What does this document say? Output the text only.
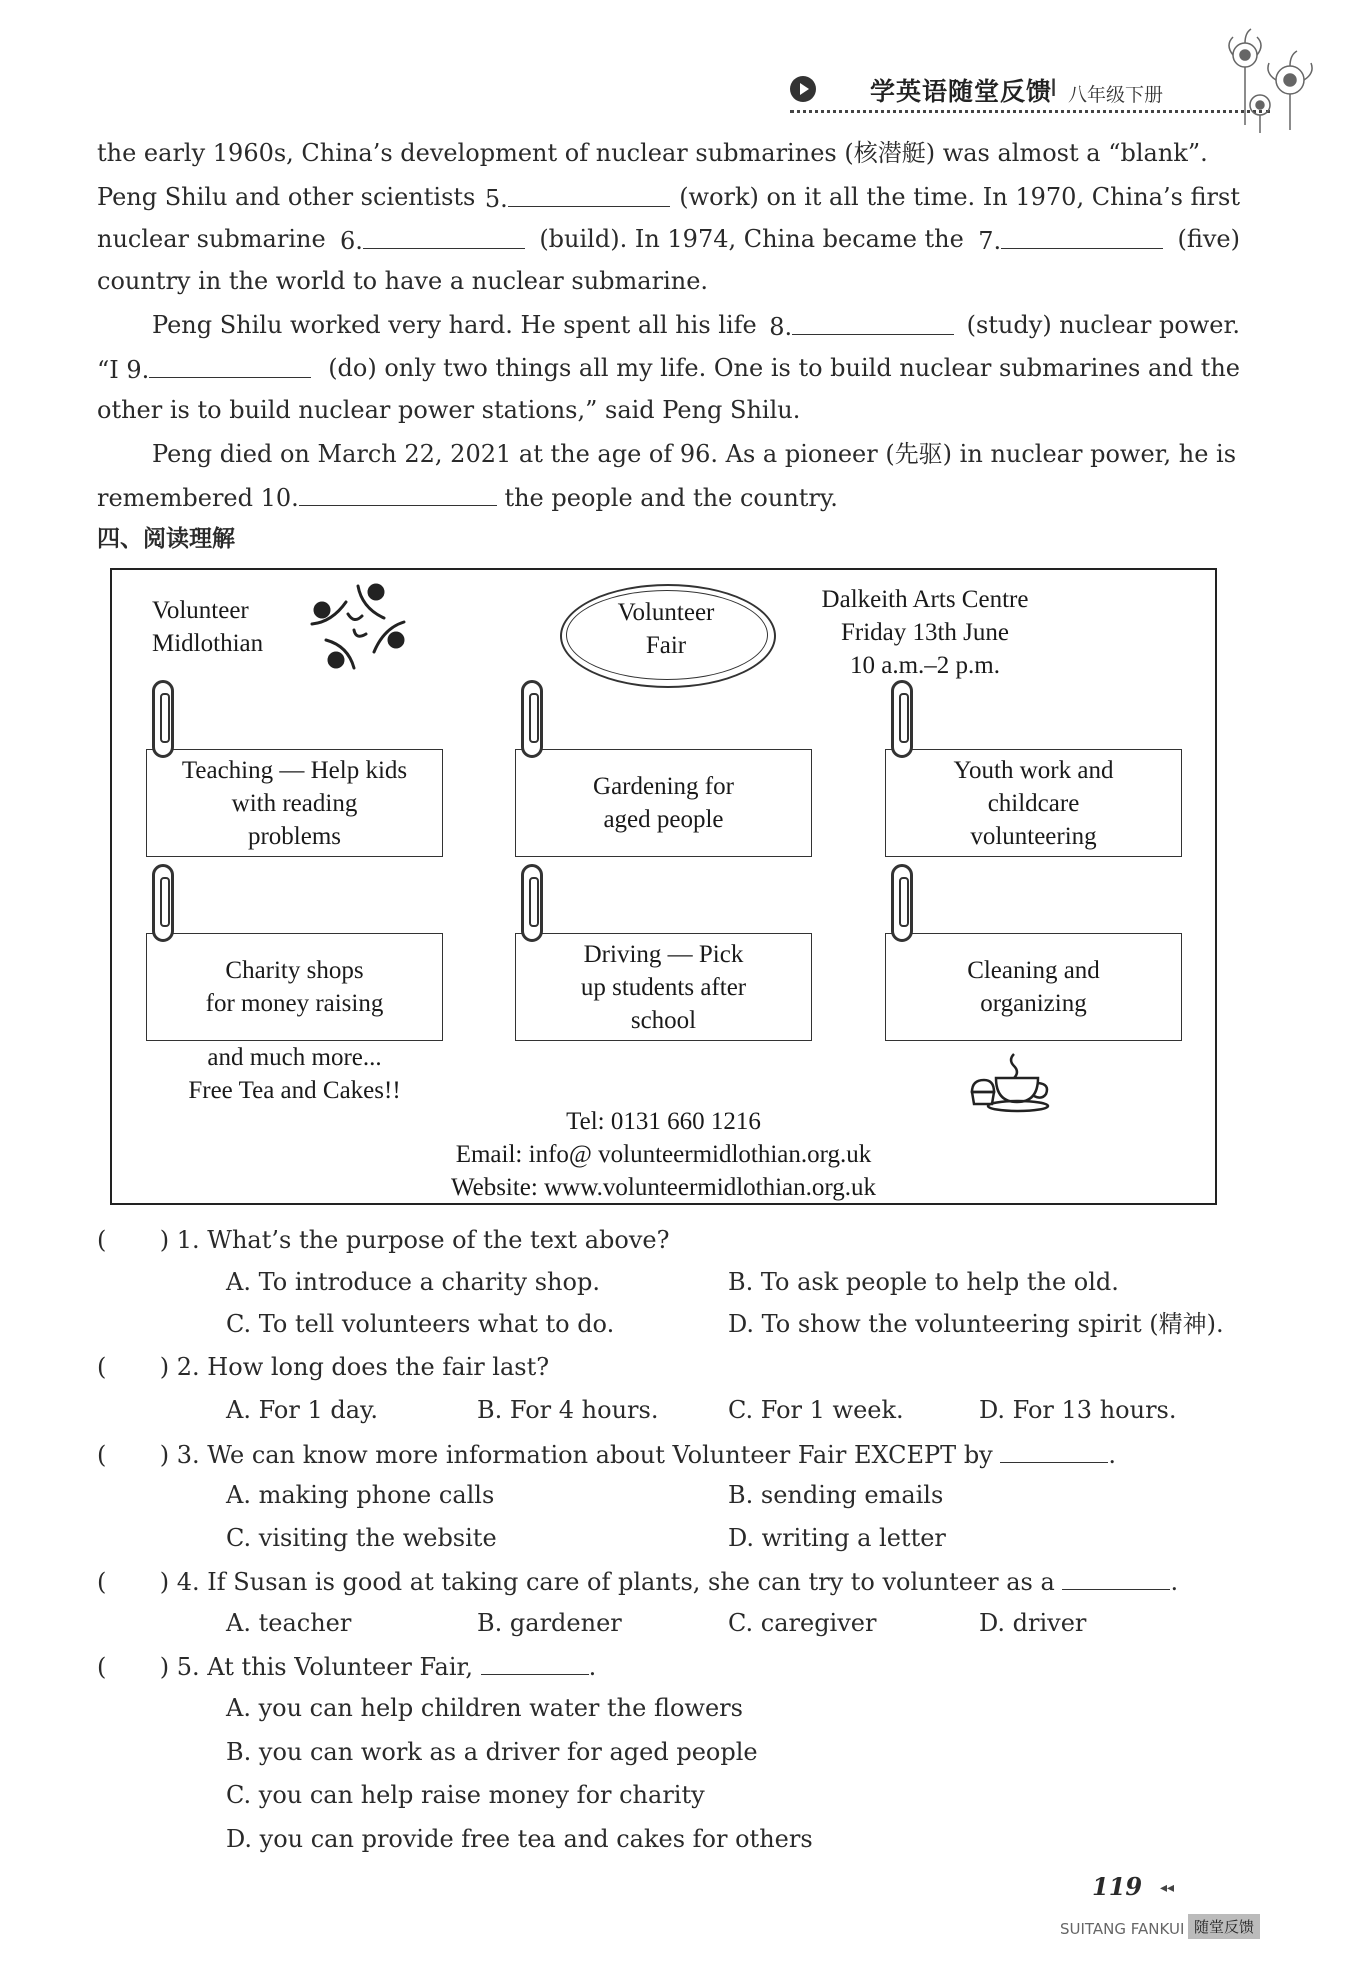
学英语随堂反馈
I 八年级下册
the early 1960s, China’s development of nuclear submarines (核潜艇) was almost a “blank”.
Peng Shilu and other scientists 5.	(work) on it all the time. In 1970, China’s first
nuclear submarine 6.	(build). In 1974, China became the 7.	(five)
country in the world to have a nuclear submarine.
Peng Shilu worked very hard. He spent all his life 8.	(study) nuclear power.
“I 9.	(do) only two things all my life. One is to build nuclear submarines and the
other is to build nuclear power stations,” said Peng Shilu.
Peng died on March 22, 2021 at the age of 96. As a pioneer (先驱) in nuclear power, he is
remembered 10.	the people and the country.
四、阅读理解
Volunteer
Midlothian
Volunteer
Fair
Dalkeith Arts Centre
Friday 13th June
10 a.m.–2 p.m.
Teaching — Help kids
with reading
problems
Gardening for
aged people
Youth work and
childcare
volunteering
Charity shops
for money raising
Driving — Pick
up students after
school
Cleaning and
organizing
and much more...
Free Tea and Cakes!!
Tel: 0131 660 1216
Email: info@ volunteermidlothian.org.uk
Website: www.volunteermidlothian.org.uk
(       ) 1. What’s the purpose of the text above?
A. To introduce a charity shop.	B. To ask people to help the old.
C. To tell volunteers what to do.	D. To show the volunteering spirit (精神).
(       ) 2. How long does the fair last?
A. For 1 day.	B. For 4 hours.	C. For 1 week.	D. For 13 hours.
(       ) 3. We can know more information about Volunteer Fair EXCEPT by	.
A. making phone calls	B. sending emails
C. visiting the website	D. writing a letter
(       ) 4. If Susan is good at taking care of plants, she can try to volunteer as a	.
A. teacher	B. gardener	C. caregiver	D. driver
(       ) 5. At this Volunteer Fair,	.
A. you can help children water the flowers
B. you can work as a driver for aged people
C. you can help raise money for charity
D. you can provide free tea and cakes for others
119 ◂◂
SUITANG FANKUI 随堂反馈
